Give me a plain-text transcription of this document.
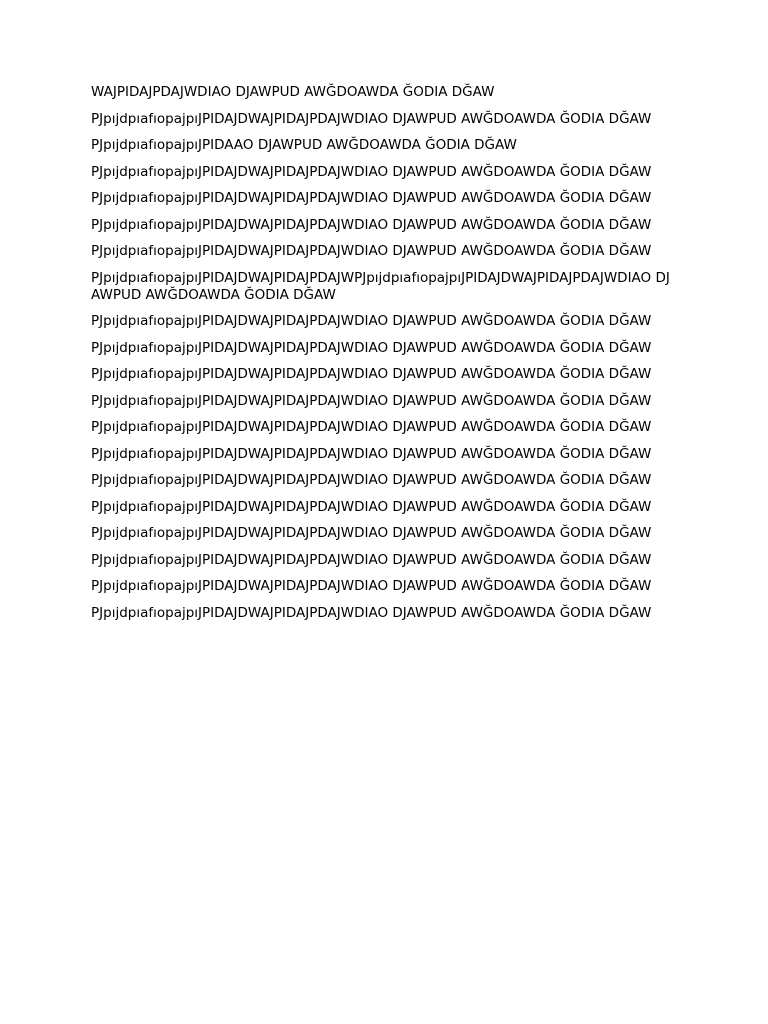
WAJPIDAJPDAJWDIAO DJAWPUD AWĞDOAWDA ĞODIA DĞAW

PJpıjdpıafıopajpıJPIDAJDWAJPIDAJPDAJWDIAO DJAWPUD AWĞDOAWDA ĞODIA DĞAW

PJpıjdpıafıopajpıJPIDAAO DJAWPUD AWĞDOAWDA ĞODIA DĞAW

PJpıjdpıafıopajpıJPIDAJDWAJPIDAJPDAJWDIAO DJAWPUD AWĞDOAWDA ĞODIA DĞAW

PJpıjdpıafıopajpıJPIDAJDWAJPIDAJPDAJWDIAO DJAWPUD AWĞDOAWDA ĞODIA DĞAW

PJpıjdpıafıopajpıJPIDAJDWAJPIDAJPDAJWDIAO DJAWPUD AWĞDOAWDA ĞODIA DĞAW

PJpıjdpıafıopajpıJPIDAJDWAJPIDAJPDAJWDIAO DJAWPUD AWĞDOAWDA ĞODIA DĞAW

PJpıjdpıafıopajpıJPIDAJDWAJPIDAJPDAJWPJpıjdpıafıopajpıJPIDAJDWAJPIDAJPDAJWDIAO DJAWPUD AWĞDOAWDA ĞODIA DĞAW

PJpıjdpıafıopajpıJPIDAJDWAJPIDAJPDAJWDIAO DJAWPUD AWĞDOAWDA ĞODIA DĞAW

PJpıjdpıafıopajpıJPIDAJDWAJPIDAJPDAJWDIAO DJAWPUD AWĞDOAWDA ĞODIA DĞAW

PJpıjdpıafıopajpıJPIDAJDWAJPIDAJPDAJWDIAO DJAWPUD AWĞDOAWDA ĞODIA DĞAW

PJpıjdpıafıopajpıJPIDAJDWAJPIDAJPDAJWDIAO DJAWPUD AWĞDOAWDA ĞODIA DĞAW

PJpıjdpıafıopajpıJPIDAJDWAJPIDAJPDAJWDIAO DJAWPUD AWĞDOAWDA ĞODIA DĞAW

PJpıjdpıafıopajpıJPIDAJDWAJPIDAJPDAJWDIAO DJAWPUD AWĞDOAWDA ĞODIA DĞAW

PJpıjdpıafıopajpıJPIDAJDWAJPIDAJPDAJWDIAO DJAWPUD AWĞDOAWDA ĞODIA DĞAW

PJpıjdpıafıopajpıJPIDAJDWAJPIDAJPDAJWDIAO DJAWPUD AWĞDOAWDA ĞODIA DĞAW

PJpıjdpıafıopajpıJPIDAJDWAJPIDAJPDAJWDIAO DJAWPUD AWĞDOAWDA ĞODIA DĞAW

PJpıjdpıafıopajpıJPIDAJDWAJPIDAJPDAJWDIAO DJAWPUD AWĞDOAWDA ĞODIA DĞAW

PJpıjdpıafıopajpıJPIDAJDWAJPIDAJPDAJWDIAO DJAWPUD AWĞDOAWDA ĞODIA DĞAW

PJpıjdpıafıopajpıJPIDAJDWAJPIDAJPDAJWDIAO DJAWPUD AWĞDOAWDA ĞODIA DĞAW
